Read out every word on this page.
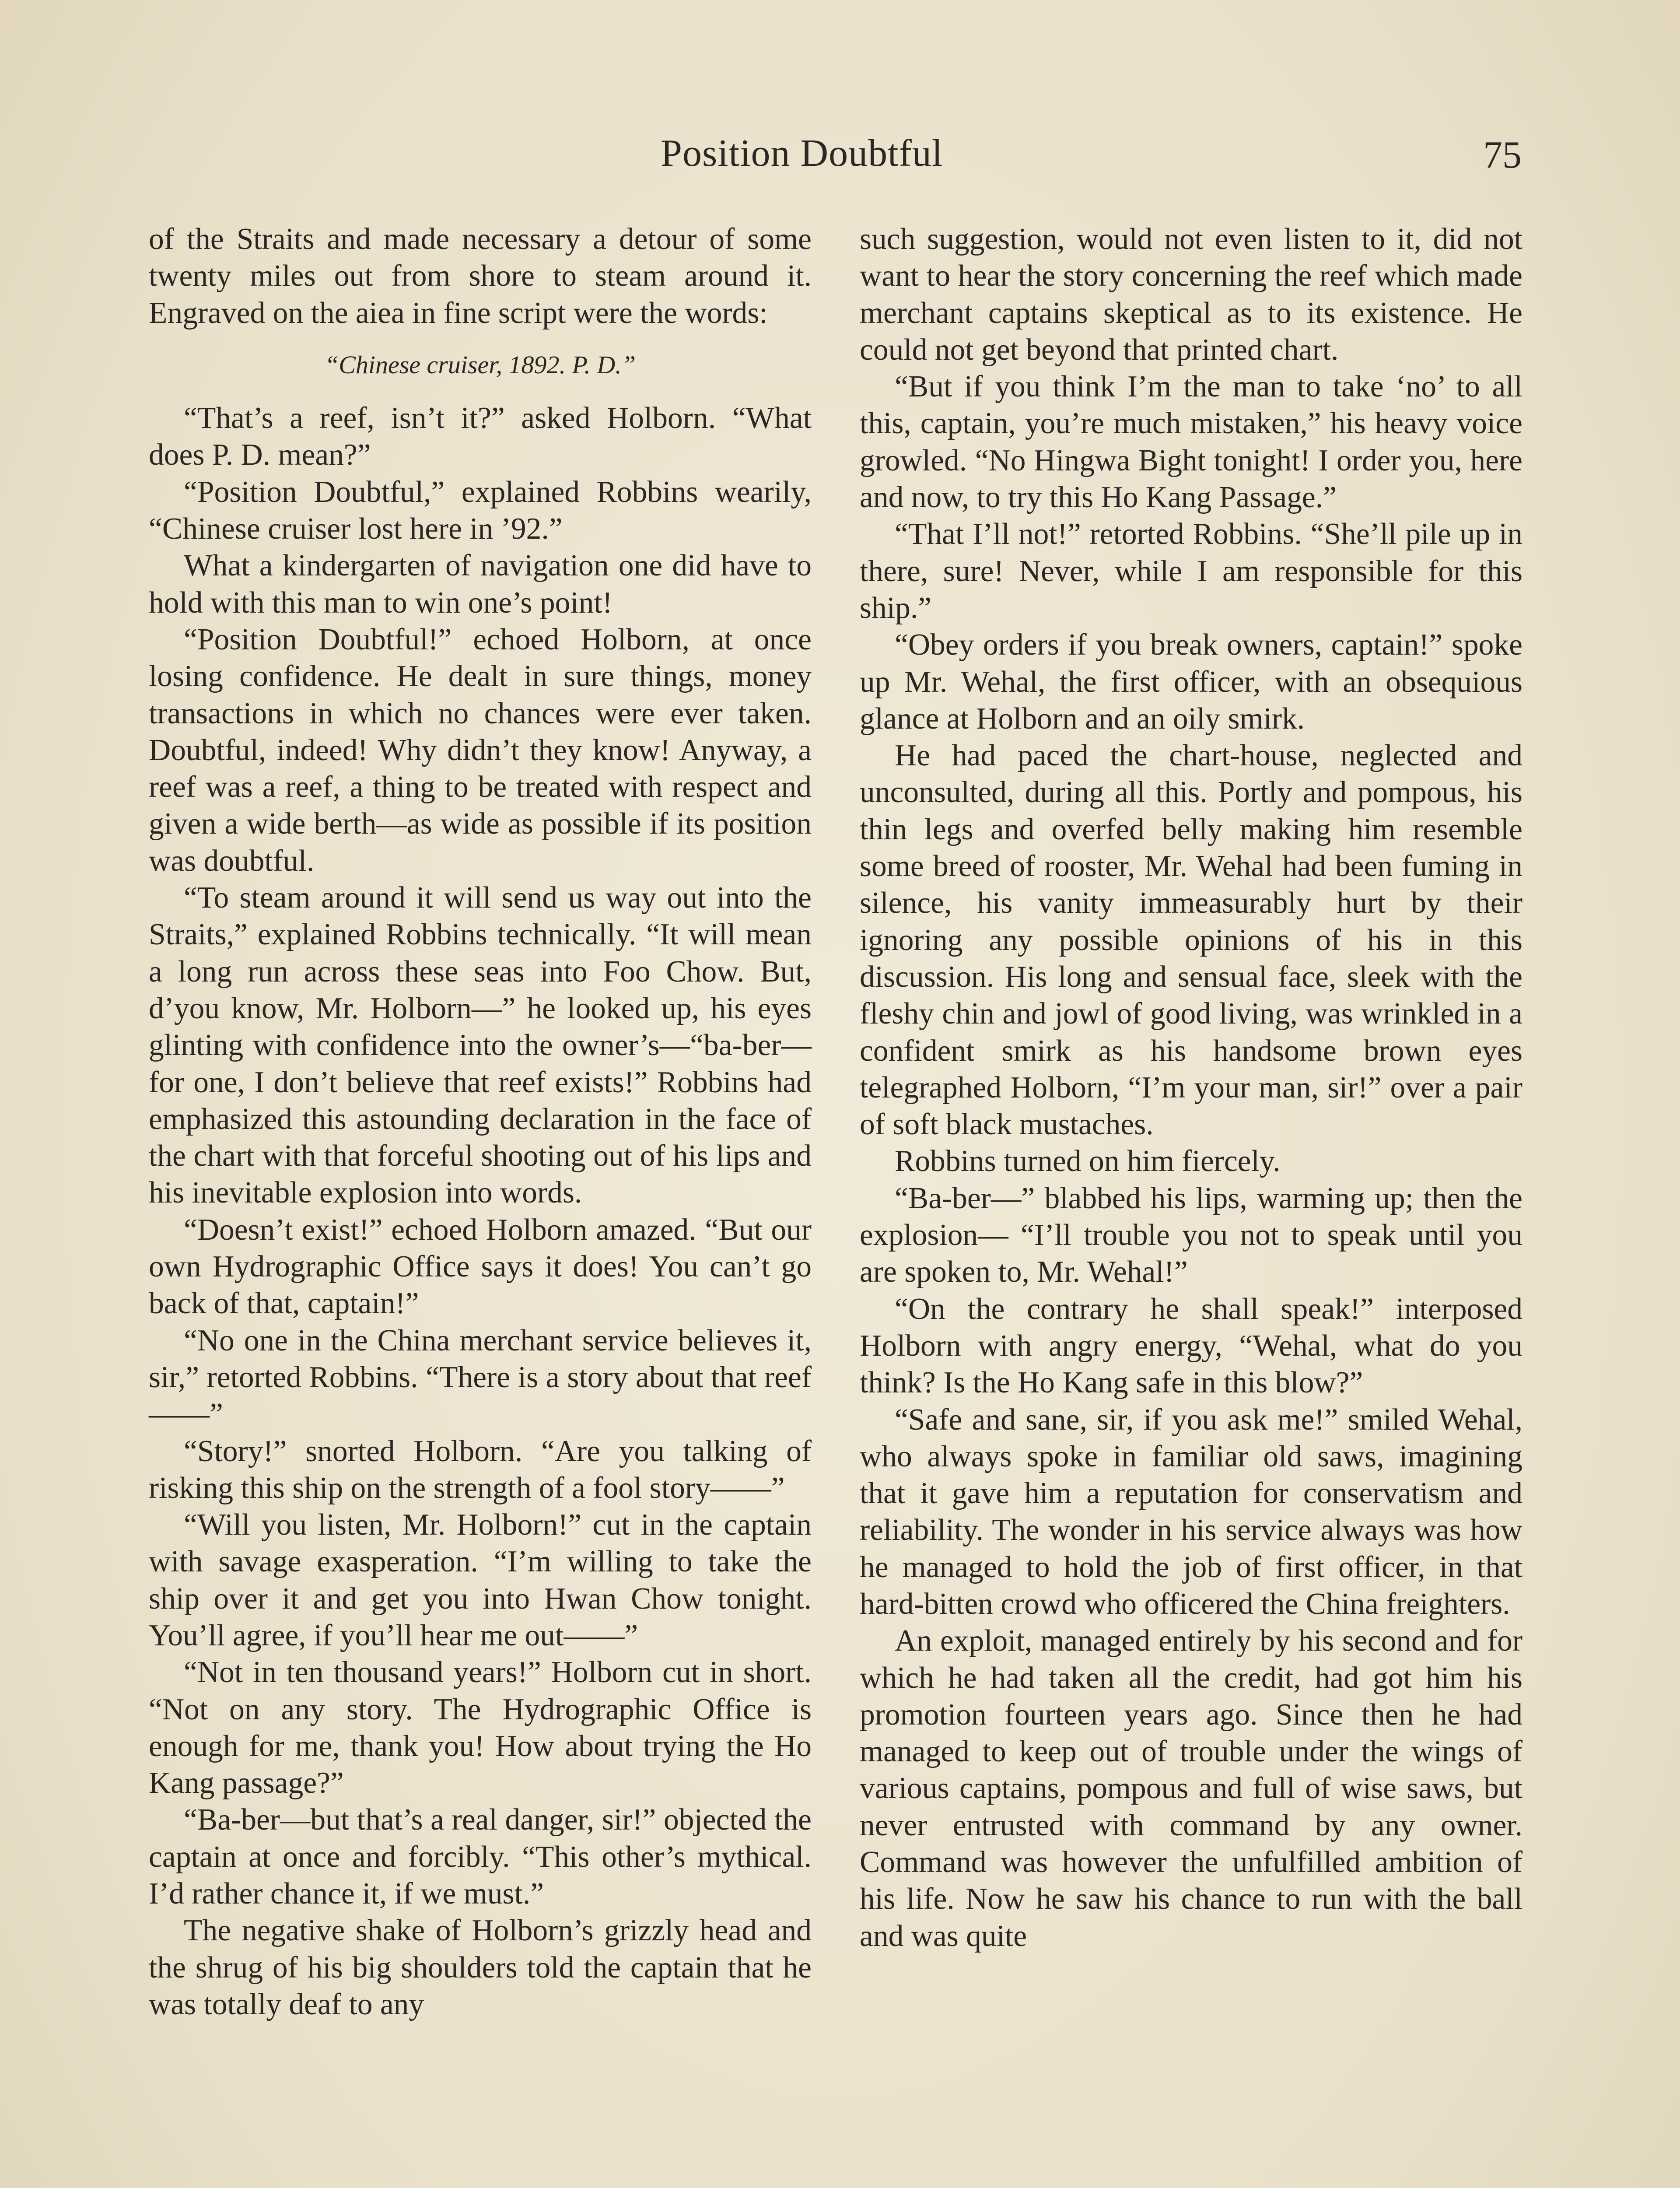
Position Doubtful	75

of the Straits and made necessary a detour of some twenty miles out from shore to steam around it. Engraved on the aiea in fine script were the words:

“Chinese cruiser, 1892. P. D.”

“That’s a reef, isn’t it?” asked Holborn. “What does P. D. mean?”

“Position Doubtful,” explained Robbins wearily, “Chinese cruiser lost here in ’92.”

What a kindergarten of navigation one did have to hold with this man to win one’s point!

“Position Doubtful!” echoed Holborn, at once losing confidence. He dealt in sure things, money transactions in which no chances were ever taken. Doubtful, indeed! Why didn’t they know! Anyway, a reef was a reef, a thing to be treated with respect and given a wide berth—as wide as possible if its position was doubtful.

“To steam around it will send us way out into the Straits,” explained Robbins technically. “It will mean a long run across these seas into Foo Chow. But, d’you know, Mr. Holborn—” he looked up, his eyes glinting with confidence into the owner’s—“ba-ber—for one, I don’t believe that reef exists!” Robbins had emphasized this astounding declaration in the face of the chart with that forceful shooting out of his lips and his inevitable explosion into words.

“Doesn’t exist!” echoed Holborn amazed. “But our own Hydrographic Office says it does! You can’t go back of that, captain!”

“No one in the China merchant service believes it, sir,” retorted Robbins. “There is a story about that reef——”

“Story!” snorted Holborn. “Are you talking of risking this ship on the strength of a fool story——”

“Will you listen, Mr. Holborn!” cut in the captain with savage exasperation. “I’m willing to take the ship over it and get you into Hwan Chow tonight. You’ll agree, if you’ll hear me out——”

“Not in ten thousand years!” Holborn cut in short. “Not on any story. The Hydrographic Office is enough for me, thank you! How about trying the Ho Kang passage?”

“Ba-ber—but that’s a real danger, sir!” objected the captain at once and forcibly. “This other’s mythical. I’d rather chance it, if we must.”

The negative shake of Holborn’s grizzly head and the shrug of his big shoulders told the captain that he was totally deaf to any

such suggestion, would not even listen to it, did not want to hear the story concerning the reef which made merchant captains skeptical as to its existence. He could not get beyond that printed chart.

“But if you think I’m the man to take ‘no’ to all this, captain, you’re much mistaken,” his heavy voice growled. “No Hingwa Bight tonight! I order you, here and now, to try this Ho Kang Passage.”

“That I’ll not!” retorted Robbins. “She’ll pile up in there, sure! Never, while I am responsible for this ship.”

“Obey orders if you break owners, captain!” spoke up Mr. Wehal, the first officer, with an obsequious glance at Holborn and an oily smirk.

He had paced the chart-house, neglected and unconsulted, during all this. Portly and pompous, his thin legs and overfed belly making him resemble some breed of rooster, Mr. Wehal had been fuming in silence, his vanity immeasurably hurt by their ignoring any possible opinions of his in this discussion. His long and sensual face, sleek with the fleshy chin and jowl of good living, was wrinkled in a confident smirk as his handsome brown eyes telegraphed Holborn, “I’m your man, sir!” over a pair of soft black mustaches.

Robbins turned on him fiercely.

“Ba-ber—” blabbed his lips, warming up; then the explosion— “I’ll trouble you not to speak until you are spoken to, Mr. Wehal!”

“On the contrary he shall speak!” interposed Holborn with angry energy, “Wehal, what do you think? Is the Ho Kang safe in this blow?”

“Safe and sane, sir, if you ask me!” smiled Wehal, who always spoke in familiar old saws, imagining that it gave him a reputation for conservatism and reliability. The wonder in his service always was how he managed to hold the job of first officer, in that hard-bitten crowd who officered the China freighters.

An exploit, managed entirely by his second and for which he had taken all the credit, had got him his promotion fourteen years ago. Since then he had managed to keep out of trouble under the wings of various captains, pompous and full of wise saws, but never entrusted with command by any owner. Command was however the unfulfilled ambition of his life. Now he saw his chance to run with the ball and was quite
